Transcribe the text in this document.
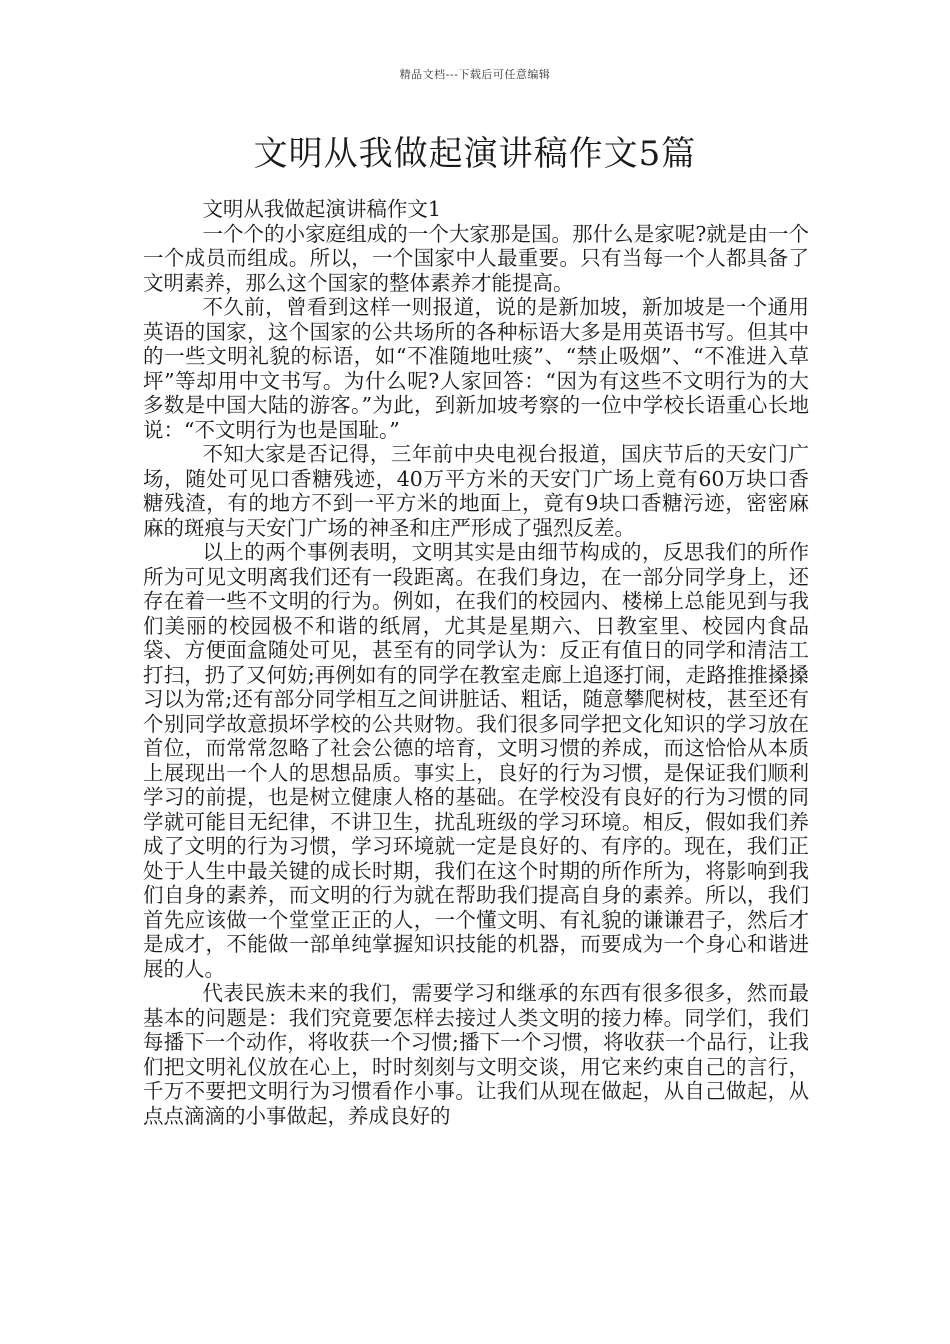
精品文档---下载后可任意编辑
文明从我做起演讲稿作文5篇

文明从我做起演讲稿作文1

一个个的小家庭组成的一个大家那是国。那什么是家呢?就是由一个一个成员而组成。所以，一个国家中人最重要。只有当每一个人都具备了文明素养，那么这个国家的整体素养才能提高。

不久前，曾看到这样一则报道，说的是新加坡，新加坡是一个通用英语的国家，这个国家的公共场所的各种标语大多是用英语书写。但其中的一些文明礼貌的标语，如“不准随地吐痰”、“禁止吸烟”、“不准进入草坪”等却用中文书写。为什么呢?人家回答：“因为有这些不文明行为的大多数是中国大陆的游客。”为此，到新加坡考察的一位中学校长语重心长地说：“不文明行为也是国耻。”

不知大家是否记得，三年前中央电视台报道，国庆节后的天安门广场，随处可见口香糖残迹，40万平方米的天安门广场上竟有60万块口香糖残渣，有的地方不到一平方米的地面上，竟有9块口香糖污迹，密密麻麻的斑痕与天安门广场的神圣和庄严形成了强烈反差。

以上的两个事例表明，文明其实是由细节构成的，反思我们的所作所为可见文明离我们还有一段距离。在我们身边，在一部分同学身上，还存在着一些不文明的行为。例如，在我们的校园内、楼梯上总能见到与我们美丽的校园极不和谐的纸屑，尤其是星期六、日教室里、校园内食品袋、方便面盒随处可见，甚至有的同学认为：反正有值日的同学和清洁工打扫，扔了又何妨;再例如有的同学在教室走廊上追逐打闹，走路推推搡搡习以为常;还有部分同学相互之间讲脏话、粗话，随意攀爬树枝，甚至还有个别同学故意损坏学校的公共财物。我们很多同学把文化知识的学习放在首位，而常常忽略了社会公德的培育，文明习惯的养成，而这恰恰从本质上展现出一个人的思想品质。事实上，良好的行为习惯，是保证我们顺利学习的前提，也是树立健康人格的基础。在学校没有良好的行为习惯的同学就可能目无纪律，不讲卫生，扰乱班级的学习环境。相反，假如我们养成了文明的行为习惯，学习环境就一定是良好的、有序的。现在，我们正处于人生中最关键的成长时期，我们在这个时期的所作所为，将影响到我们自身的素养，而文明的行为就在帮助我们提高自身的素养。所以，我们首先应该做一个堂堂正正的人，一个懂文明、有礼貌的谦谦君子，然后才是成才，不能做一部单纯掌握知识技能的机器，而要成为一个身心和谐进展的人。

代表民族未来的我们，需要学习和继承的东西有很多很多，然而最基本的问题是：我们究竟要怎样去接过人类文明的接力棒。同学们，我们每播下一个动作，将收获一个习惯;播下一个习惯，将收获一个品行，让我们把文明礼仪放在心上，时时刻刻与文明交谈，用它来约束自己的言行，千万不要把文明行为习惯看作小事。让我们从现在做起，从自己做起，从点点滴滴的小事做起，养成良好的
